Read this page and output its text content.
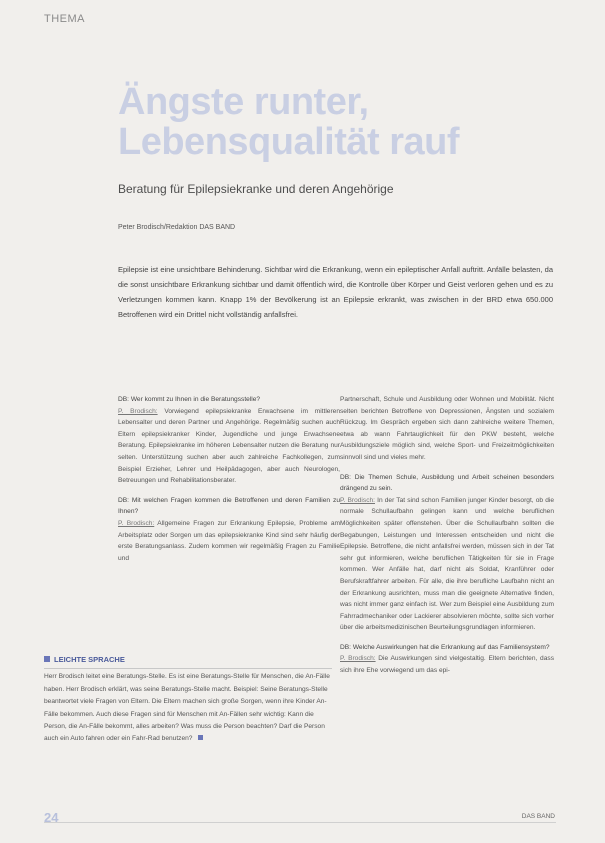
THEMA
Ängste runter,
Lebensqualität rauf
Beratung für Epilepsiekranke und deren Angehörige
Peter Brodisch/Redaktion DAS BAND
Epilepsie ist eine unsichtbare Behinderung. Sichtbar wird die Erkrankung, wenn ein epileptischer Anfall auftritt. Anfälle belasten, da die sonst unsichtbare Erkrankung sichtbar und damit öffentlich wird, die Kontrolle über Körper und Geist verloren gehen und es zu Verletzungen kommen kann. Knapp 1% der Bevölkerung ist an Epilepsie erkrankt, was zwischen in der BRD etwa 650.000 Betroffenen wird ein Drittel nicht vollständig anfallsfrei.

DB: Wer kommt zu Ihnen in die Beratungsstelle?
P. Brodisch: Vorwiegend epilepsiekranke Erwachsene im mittleren Lebensalter und deren Partner und Angehörige. Regelmäßig suchen auch Eltern epilepsiekranker Kinder, Jugendliche und junge Erwachsene Beratung. Epilepsiekranke im höheren Lebensalter nutzen die Beratung nur selten. Unterstützung suchen aber auch zahlreiche Fachkollegen, zum Beispiel Erzieher, Lehrer und Heilpädagogen, aber auch Neurologen, Betreuungen und Rehabilitationsberater.

DB: Mit welchen Fragen kommen die Betroffenen und deren Familien zu Ihnen?
P. Brodisch: Allgemeine Fragen zur Erkrankung Epilepsie, Probleme am Arbeitsplatz oder Sorgen um das epilepsiekranke Kind sind sehr häufig der erste Beratungsanlass. Zudem kommen wir regelmäßig Fragen zu Familie und

Partnerschaft, Schule und Ausbildung oder Wohnen und Mobilität. Nicht selten berichten Betroffene von Depressionen, Ängsten und sozialem Rückzug. Im Gespräch ergeben sich dann zahlreiche weitere Themen, etwa ab wann Fahrtauglichkeit für den PKW besteht, welche Ausbildungsziele möglich sind, welche Sport- und Freizeitmöglichkeiten sinnvoll sind und vieles mehr.

DB: Die Themen Schule, Ausbildung und Arbeit scheinen besonders drängend zu sein.
P. Brodisch: In der Tat sind schon Familien junger Kinder besorgt, ob die normale Schullaufbahn gelingen kann und welche beruflichen Möglichkeiten später offenstehen. Über die Schullaufbahn sollten die Begabungen, Leistungen und Interessen entscheiden und nicht die Epilepsie. Betroffene, die nicht anfallsfrei werden, müssen sich in der Tat sehr gut informieren, welche beruflichen Tätigkeiten für sie in Frage kommen. Wer Anfälle hat, darf nicht als Soldat, Kranführer oder Berufskraftfahrer arbeiten. Für alle, die ihre berufliche Laufbahn nicht an der Erkrankung ausrichten, muss man die geeignete Alternative finden, was nicht immer ganz einfach ist. Wer zum Beispiel eine Ausbildung zum Fahrradmechaniker oder Lackierer absolvieren möchte, sollte sich vorher über die arbeitsmedizinischen Beurteilungsgrundlagen informieren.

DB: Welche Auswirkungen hat die Erkrankung auf das Familiensystem?
P. Brodisch: Die Auswirkungen sind vielgestaltig. Eltern berichten, dass sich ihre Ehe vorwiegend um das epi-

LEICHTE SPRACHE
Herr Brodisch leitet eine Beratungs-Stelle. Es ist eine Beratungs-Stelle für Menschen, die An-Fälle haben. Herr Brodisch erklärt, was seine Beratungs-Stelle macht. Beispiel: Seine Beratungs-Stelle beantwortet viele Fragen von Eltern. Die Eltern machen sich große Sorgen, wenn ihre Kinder An-Fälle bekommen. Auch diese Fragen sind für Menschen mit An-Fällen sehr wichtig: Kann die Person, die An-Fälle bekommt, alles arbeiten? Was muss die Person beachten? Darf die Person auch ein Auto fahren oder ein Fahr-Rad benutzen?
24	DAS BAND
